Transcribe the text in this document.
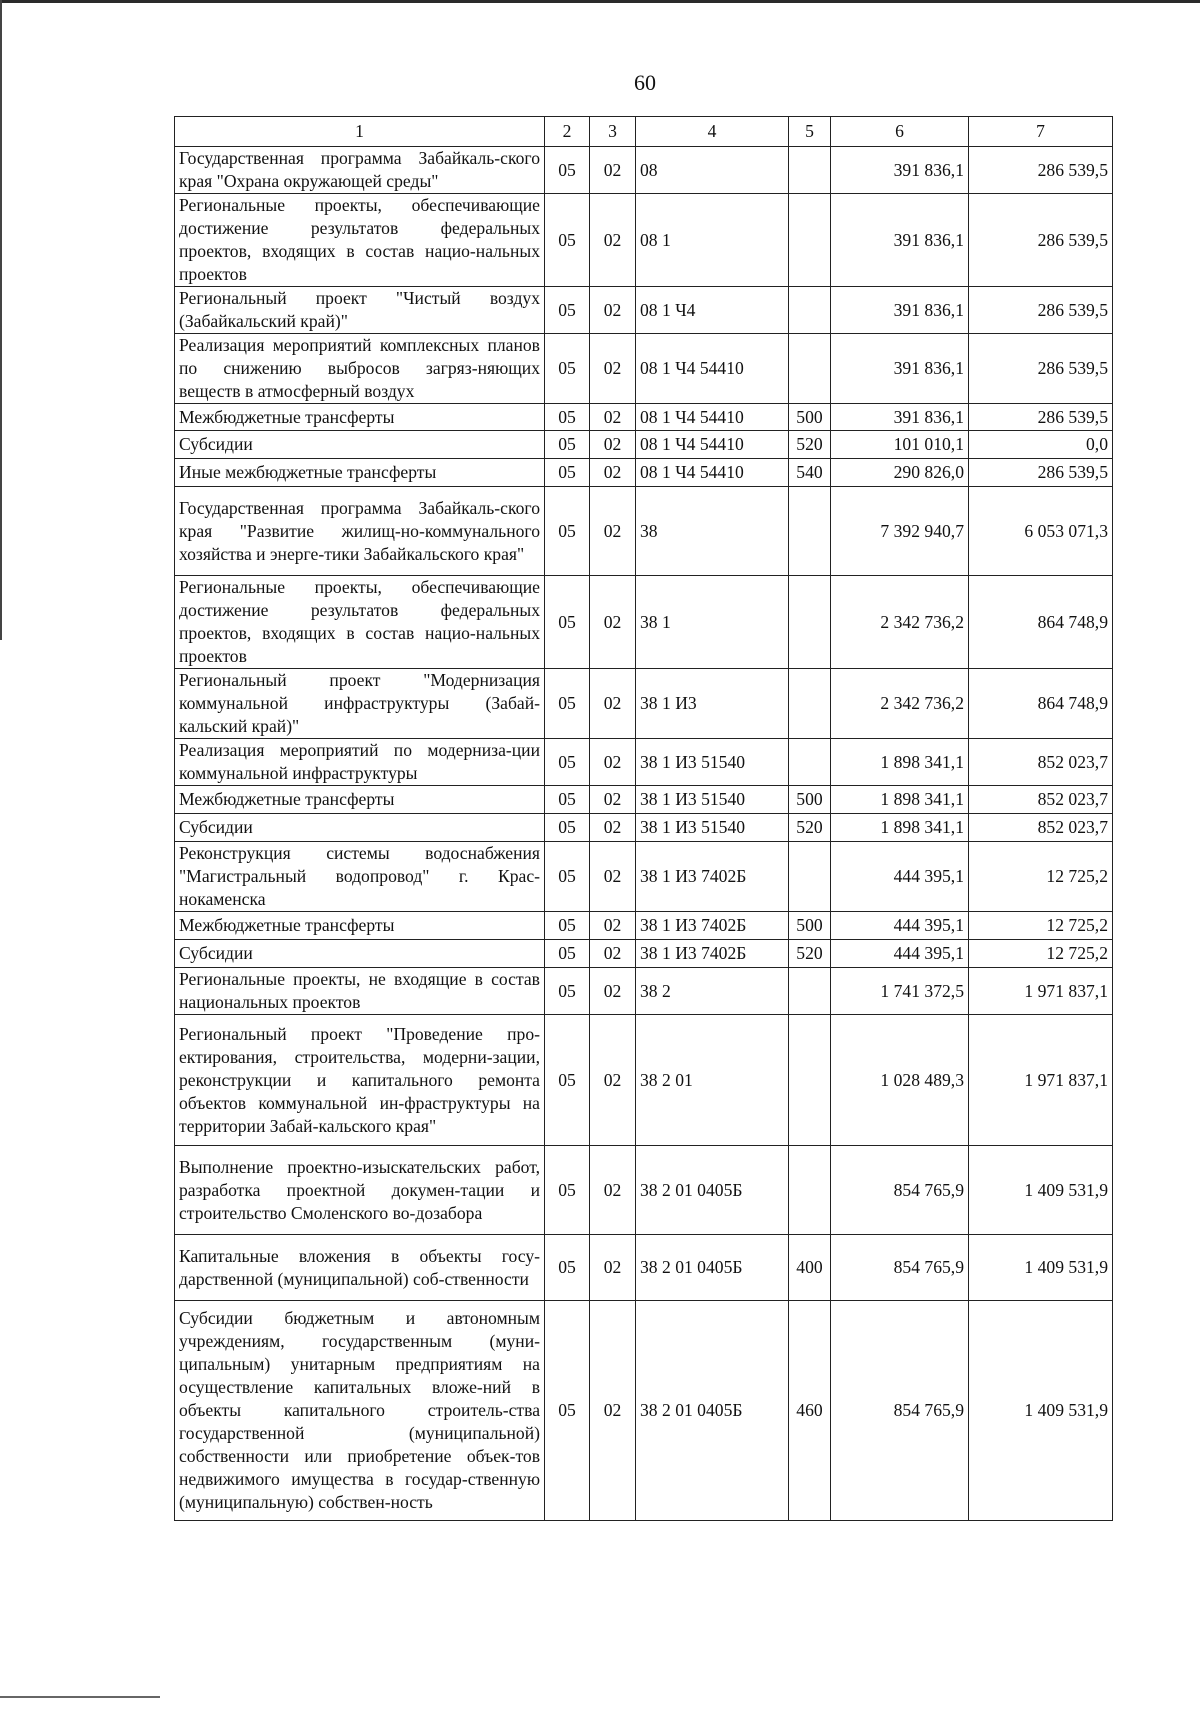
60
1	2	3	4	5	6	7
Государственная программа Забайкаль-ского края "Охрана окружающей среды"	05	02	08		391 836,1	286 539,5
Региональные проекты, обеспечивающие достижение результатов федеральных проектов, входящих в состав нацио-нальных проектов	05	02	08 1		391 836,1	286 539,5
Региональный проект "Чистый воздух (Забайкальский край)"	05	02	08 1 Ч4		391 836,1	286 539,5
Реализация мероприятий комплексных планов по снижению выбросов загряз-няющих веществ в атмосферный воздух	05	02	08 1 Ч4 54410		391 836,1	286 539,5
Межбюджетные трансферты	05	02	08 1 Ч4 54410	500	391 836,1	286 539,5
Субсидии	05	02	08 1 Ч4 54410	520	101 010,1	0,0
Иные межбюджетные трансферты	05	02	08 1 Ч4 54410	540	290 826,0	286 539,5
Государственная программа Забайкаль-ского края "Развитие жилищ-но-коммунального хозяйства и энерге-тики Забайкальского края"	05	02	38		7 392 940,7	6 053 071,3
Региональные проекты, обеспечивающие достижение результатов федеральных проектов, входящих в состав нацио-нальных проектов	05	02	38 1		2 342 736,2	864 748,9
Региональный проект "Модернизация коммунальной инфраструктуры (Забай-кальский край)"	05	02	38 1 И3		2 342 736,2	864 748,9
Реализация мероприятий по модерниза-ции коммунальной инфраструктуры	05	02	38 1 И3 51540		1 898 341,1	852 023,7
Межбюджетные трансферты	05	02	38 1 И3 51540	500	1 898 341,1	852 023,7
Субсидии	05	02	38 1 И3 51540	520	1 898 341,1	852 023,7
Реконструкция системы водоснабжения "Магистральный водопровод" г. Крас-нокаменска	05	02	38 1 И3 7402Б		444 395,1	12 725,2
Межбюджетные трансферты	05	02	38 1 И3 7402Б	500	444 395,1	12 725,2
Субсидии	05	02	38 1 И3 7402Б	520	444 395,1	12 725,2
Региональные проекты, не входящие в состав национальных проектов	05	02	38 2		1 741 372,5	1 971 837,1
Региональный проект "Проведение про-ектирования, строительства, модерни-зации, реконструкции и капитального ремонта объектов коммунальной ин-фраструктуры на территории Забай-кальского края"	05	02	38 2 01		1 028 489,3	1 971 837,1
Выполнение проектно-изыскательских работ, разработка проектной докумен-тации и строительство Смоленского во-дозабора	05	02	38 2 01 0405Б		854 765,9	1 409 531,9
Капитальные вложения в объекты госу-дарственной (муниципальной) соб-ственности	05	02	38 2 01 0405Б	400	854 765,9	1 409 531,9
Субсидии бюджетным и автономным учреждениям, государственным (муни-ципальным) унитарным предприятиям на осуществление капитальных вложе-ний в объекты капитального строитель-ства государственной (муниципальной) собственности или приобретение объек-тов недвижимого имущества в государ-ственную (муниципальную) собствен-ность	05	02	38 2 01 0405Б	460	854 765,9	1 409 531,9
